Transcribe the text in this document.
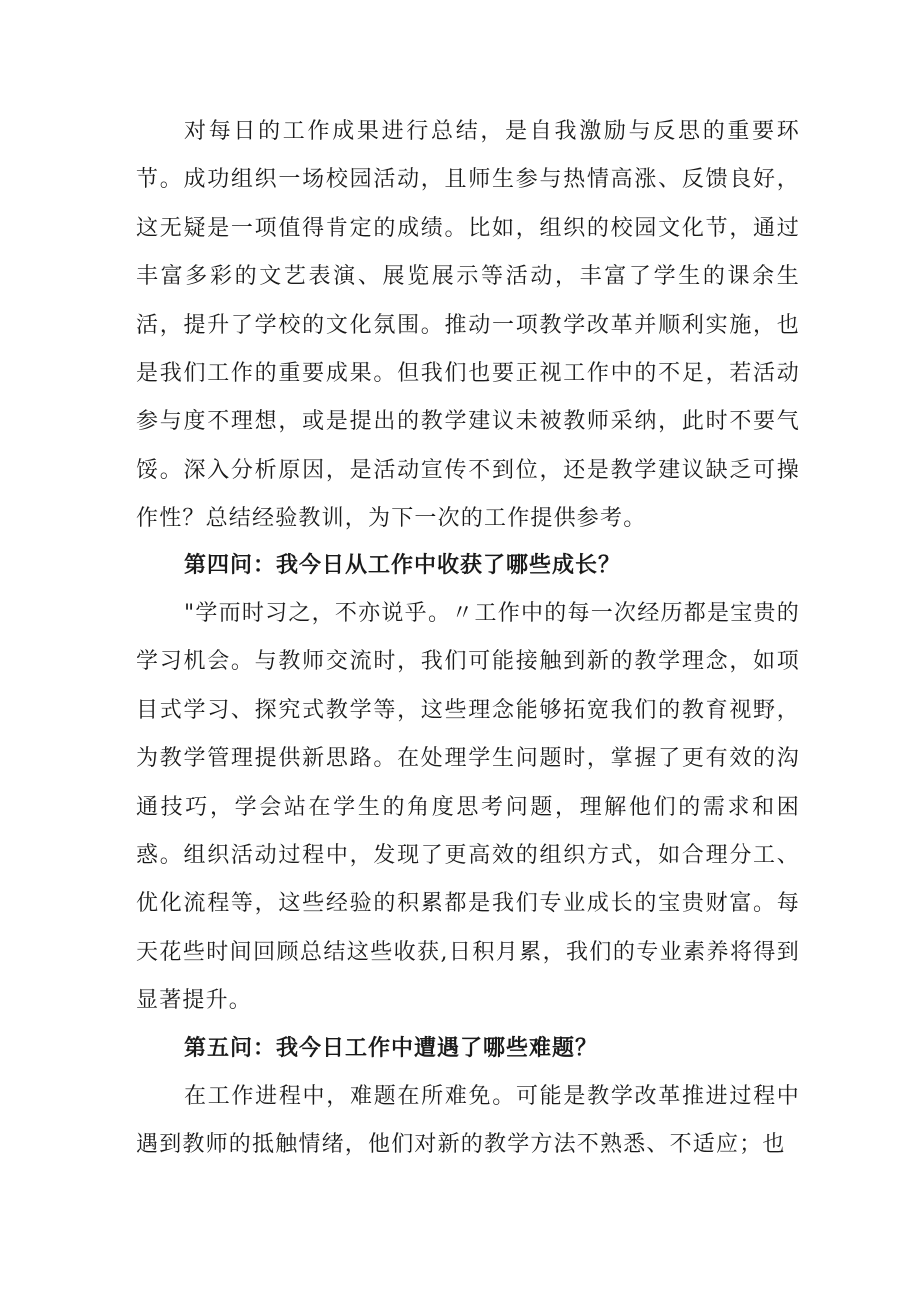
对每日的工作成果进行总结，是自我激励与反思的重要环节。成功组织一场校园活动，且师生参与热情高涨、反馈良好，这无疑是一项值得肯定的成绩。比如，组织的校园文化节，通过丰富多彩的文艺表演、展览展示等活动，丰富了学生的课余生活，提升了学校的文化氛围。推动一项教学改革并顺利实施，也是我们工作的重要成果。但我们也要正视工作中的不足，若活动参与度不理想，或是提出的教学建议未被教师采纳，此时不要气馁。深入分析原因，是活动宣传不到位，还是教学建议缺乏可操作性？总结经验教训，为下一次的工作提供参考。

第四问：我今日从工作中收获了哪些成长？

"学而时习之，不亦说乎。〃工作中的每一次经历都是宝贵的学习机会。与教师交流时，我们可能接触到新的教学理念，如项目式学习、探究式教学等，这些理念能够拓宽我们的教育视野，为教学管理提供新思路。在处理学生问题时，掌握了更有效的沟通技巧，学会站在学生的角度思考问题，理解他们的需求和困惑。组织活动过程中，发现了更高效的组织方式，如合理分工、优化流程等，这些经验的积累都是我们专业成长的宝贵财富。每天花些时间回顾总结这些收获,日积月累，我们的专业素养将得到显著提升。

第五问：我今日工作中遭遇了哪些难题？

在工作进程中，难题在所难免。可能是教学改革推进过程中遇到教师的抵触情绪，他们对新的教学方法不熟悉、不适应；也
